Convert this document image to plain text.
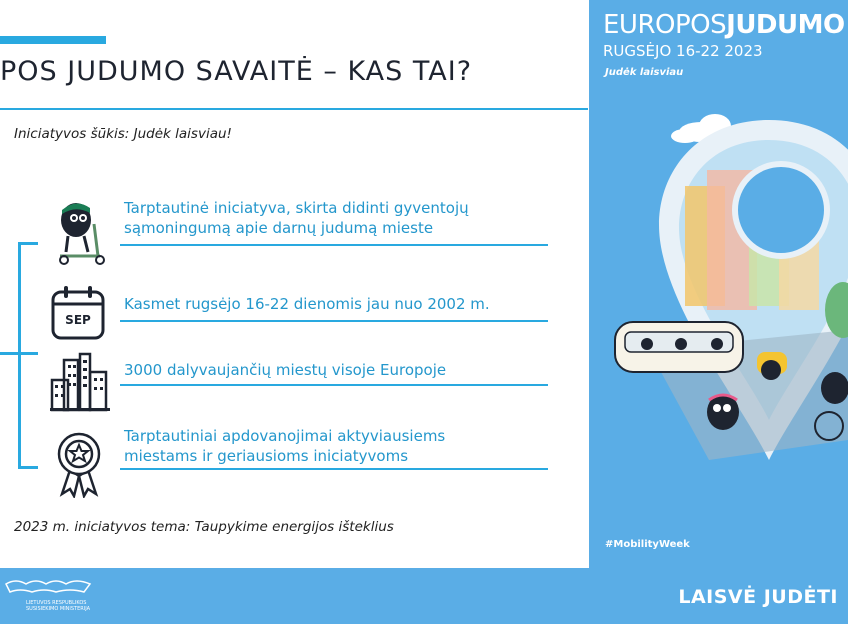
POS JUDUMO SAVAITĖ – KAS TAI?
Iniciatyvos šūkis: Judėk laisviau!
Tarptautinė iniciatyva, skirta didinti gyventojų
sąmoningumą apie darnų judumą mieste
SEP
Kasmet rugsėjo 16-22 dienomis jau nuo 2002 m.
3000 dalyvaujančių miestų visoje Europoje
Tarptautiniai apdovanojimai aktyviausiems
miestams ir geriausioms iniciatyvoms
2023 m. iniciatyvos tema: Taupykime energijos išteklius
EUROPOSJUDUMO
RUGSĖJO 16-22 2023
Judėk laisviau
#MobilityWeek
LIETUVOS RESPUBLIKOS
SUSISIEKIMO MINISTERIJA
LAISVĖ JUDĖTI
